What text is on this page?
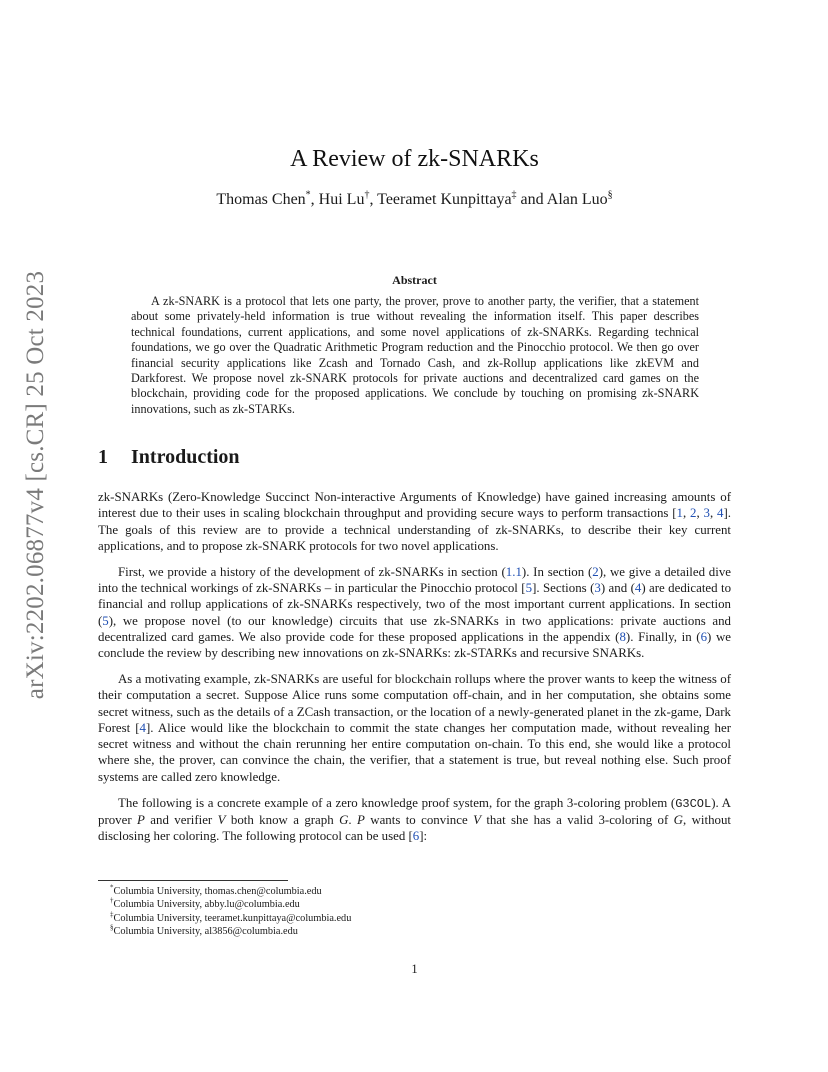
arXiv:2202.06877v4 [cs.CR] 25 Oct 2023
A Review of zk-SNARKs
Thomas Chen*, Hui Lu†, Teeramet Kunpittaya‡ and Alan Luo§
Abstract
A zk-SNARK is a protocol that lets one party, the prover, prove to another party, the verifier, that a statement about some privately-held information is true without revealing the information itself. This paper describes technical foundations, current applications, and some novel applications of zk-SNARKs. Regarding technical foundations, we go over the Quadratic Arithmetic Program reduction and the Pinocchio protocol. We then go over financial security applications like Zcash and Tornado Cash, and zk-Rollup applications like zkEVM and Darkforest. We propose novel zk-SNARK protocols for private auctions and decentralized card games on the blockchain, providing code for the proposed applications. We conclude by touching on promising zk-SNARK innovations, such as zk-STARKs.
1 Introduction

zk-SNARKs (Zero-Knowledge Succinct Non-interactive Arguments of Knowledge) have gained increasing amounts of interest due to their uses in scaling blockchain throughput and providing secure ways to perform transactions [1, 2, 3, 4]. The goals of this review are to provide a technical understanding of zk-SNARKs, to describe their key current applications, and to propose zk-SNARK protocols for two novel applications.

First, we provide a history of the development of zk-SNARKs in section (1.1). In section (2), we give a detailed dive into the technical workings of zk-SNARKs – in particular the Pinocchio protocol [5]. Sections (3) and (4) are dedicated to financial and rollup applications of zk-SNARKs respectively, two of the most important current applications. In section (5), we propose novel (to our knowledge) circuits that use zk-SNARKs in two applications: private auctions and decentralized card games. We also provide code for these proposed applications in the appendix (8). Finally, in (6) we conclude the review by describing new innovations on zk-SNARKs: zk-STARKs and recursive SNARKs.

As a motivating example, zk-SNARKs are useful for blockchain rollups where the prover wants to keep the witness of their computation a secret. Suppose Alice runs some computation off-chain, and in her computation, she obtains some secret witness, such as the details of a ZCash transaction, or the location of a newly-generated planet in the zk-game, Dark Forest [4]. Alice would like the blockchain to commit the state changes her computation made, without revealing her secret witness and without the chain rerunning her entire computation on-chain. To this end, she would like a protocol where she, the prover, can convince the chain, the verifier, that a statement is true, but reveal nothing else. Such proof systems are called zero knowledge.

The following is a concrete example of a zero knowledge proof system, for the graph 3-coloring problem (G3COL). A prover P and verifier V both know a graph G. P wants to convince V that she has a valid 3-coloring of G, without disclosing her coloring. The following protocol can be used [6]:

*Columbia University, thomas.chen@columbia.edu
†Columbia University, abby.lu@columbia.edu
‡Columbia University, teeramet.kunpittaya@columbia.edu
§Columbia University, al3856@columbia.edu
1
